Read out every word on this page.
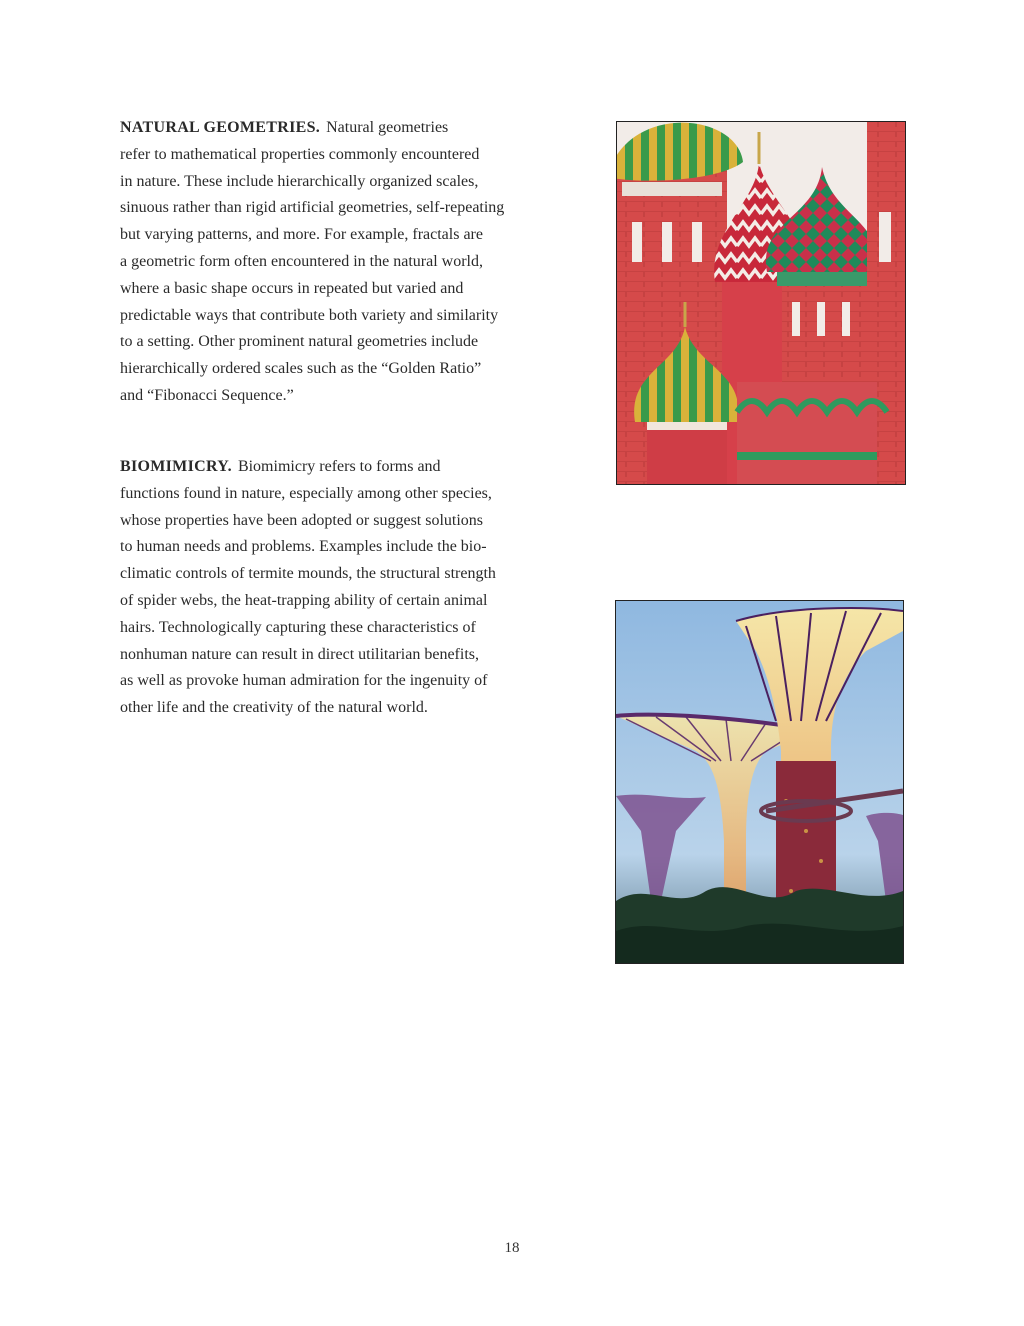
NATURAL GEOMETRIES. Natural geometries
refer to mathematical properties commonly encountered
in nature. These include hierarchically organized scales,
sinuous rather than rigid artificial geometries, self-repeating
but varying patterns, and more. For example, fractals are
a geometric form often encountered in the natural world,
where a basic shape occurs in repeated but varied and
predictable ways that contribute both variety and similarity
to a setting. Other prominent natural geometries include
hierarchically ordered scales such as the “Golden Ratio”
and “Fibonacci Sequence.”

BIOMIMICRY. Biomimicry refers to forms and
functions found in nature, especially among other species,
whose properties have been adopted or suggest solutions
to human needs and problems. Examples include the bio-
climatic controls of termite mounds, the structural strength
of spider webs, the heat-trapping ability of certain animal
hairs. Technologically capturing these characteristics of
nonhuman nature can result in direct utilitarian benefits,
as well as provoke human admiration for the ingenuity of
other life and the creativity of the natural world.

18
